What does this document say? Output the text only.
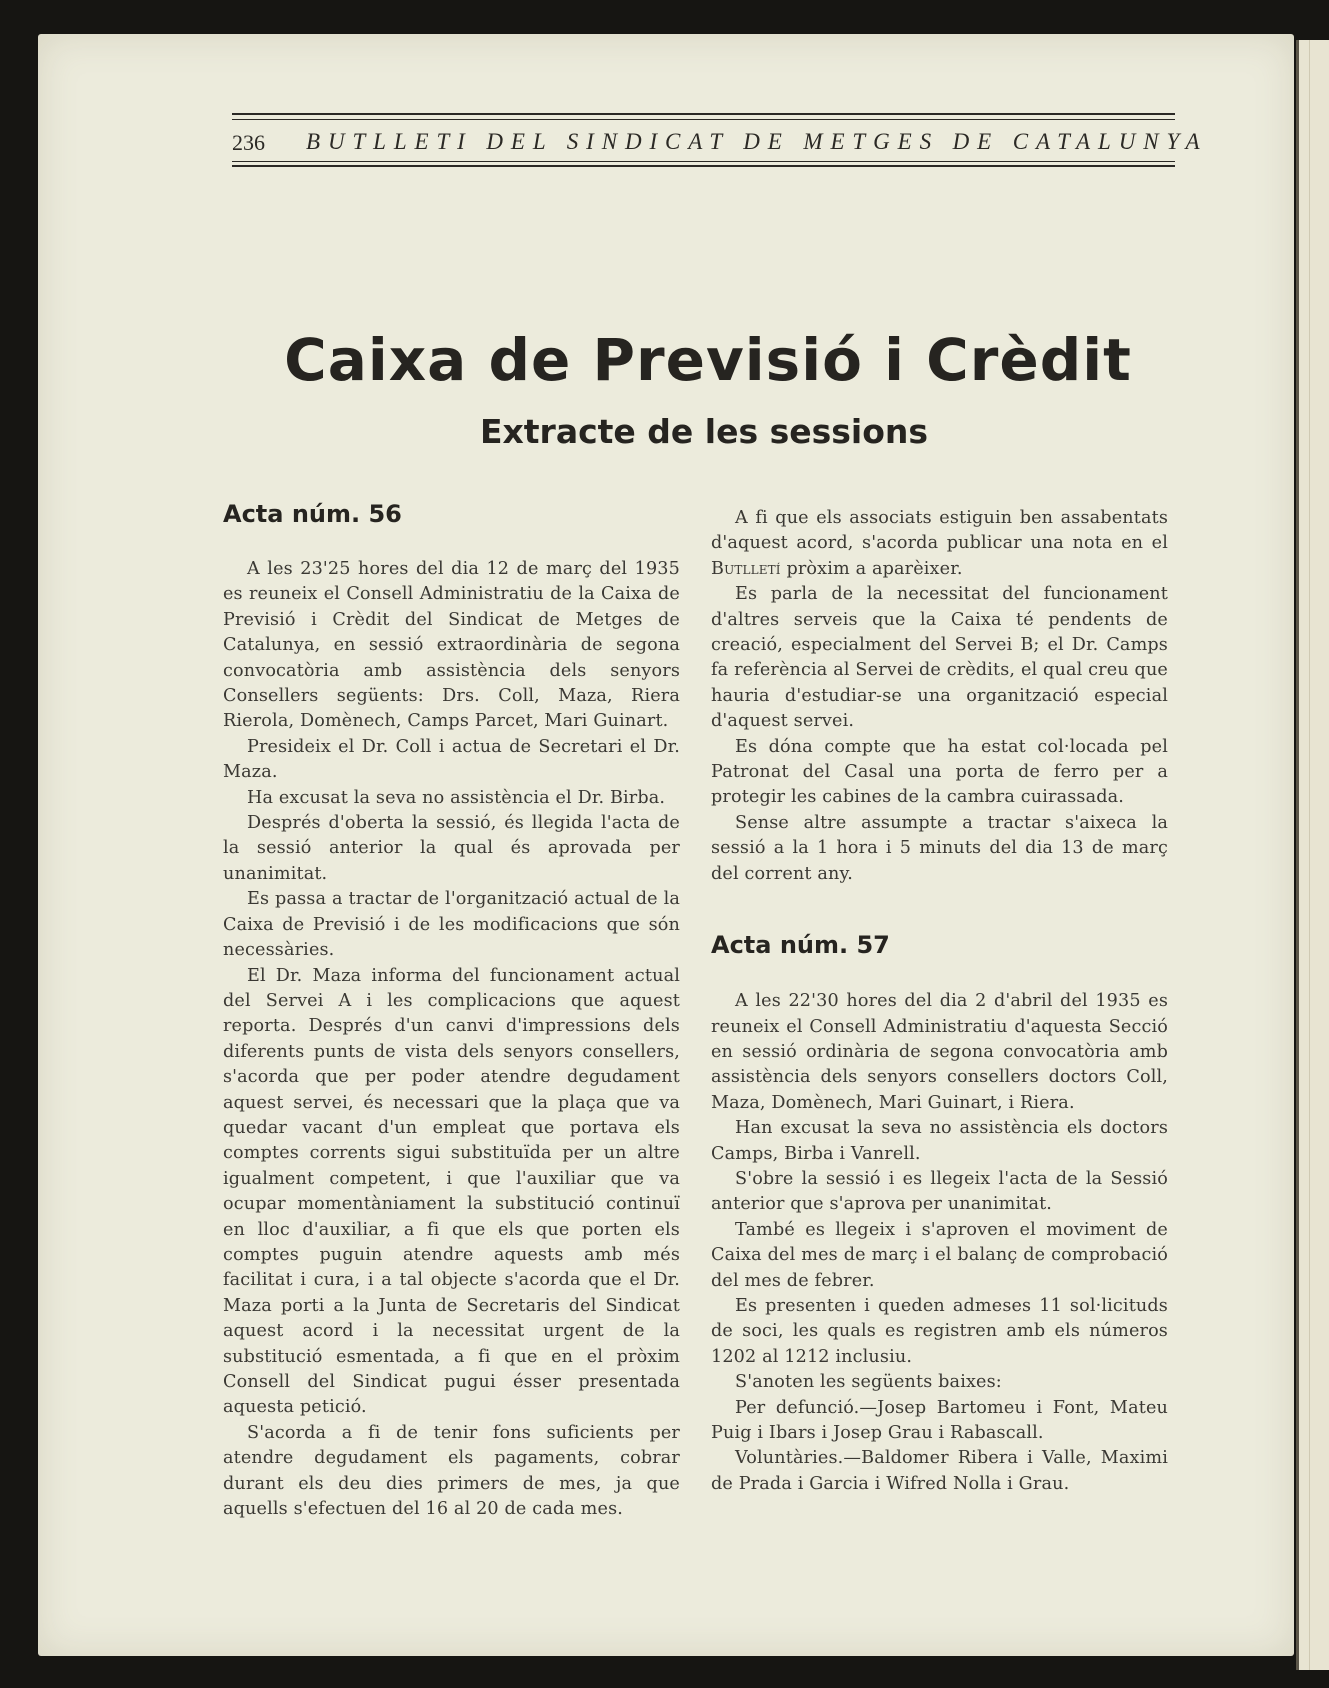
236 BUTLLETI DEL SINDICAT DE METGES DE CATALUNYA
Caixa de Previsió i Crèdit
Extracte de les sessions
Acta núm. 56

A les 23'25 hores del dia 12 de març del 1935 es reuneix el Consell Administratiu de la Caixa de Previsió i Crèdit del Sindicat de Metges de Catalunya, en sessió extraordinària de segona convocatòria amb assistència dels senyors Consellers següents: Drs. Coll, Maza, Riera Rierola, Domènech, Camps Parcet, Mari Guinart.

Presideix el Dr. Coll i actua de Secretari el Dr. Maza.

Ha excusat la seva no assistència el Dr. Birba.

Després d'oberta la sessió, és llegida l'acta de la sessió anterior la qual és aprovada per unanimitat.

Es passa a tractar de l'organització actual de la Caixa de Previsió i de les modificacions que són necessàries.

El Dr. Maza informa del funcionament actual del Servei A i les complicacions que aquest reporta. Després d'un canvi d'impressions dels diferents punts de vista dels senyors consellers, s'acorda que per poder atendre degudament aquest servei, és necessari que la plaça que va quedar vacant d'un empleat que portava els comptes corrents sigui substituïda per un altre igualment competent, i que l'auxiliar que va ocupar momentàniament la substitució continuï en lloc d'auxiliar, a fi que els que porten els comptes puguin atendre aquests amb més facilitat i cura, i a tal objecte s'acorda que el Dr. Maza porti a la Junta de Secretaris del Sindicat aquest acord i la necessitat urgent de la substitució esmentada, a fi que en el pròxim Consell del Sindicat pugui ésser presentada aquesta petició.

S'acorda a fi de tenir fons suficients per atendre degudament els pagaments, cobrar durant els deu dies primers de mes, ja que aquells s'efectuen del 16 al 20 de cada mes.

A fi que els associats estiguin ben assabentats d'aquest acord, s'acorda publicar una nota en el Butlletí pròxim a aparèixer.

Es parla de la necessitat del funcionament d'altres serveis que la Caixa té pendents de creació, especialment del Servei B; el Dr. Camps fa referència al Servei de crèdits, el qual creu que hauria d'estudiar-se una organització especial d'aquest servei.

Es dóna compte que ha estat col·locada pel Patronat del Casal una porta de ferro per a protegir les cabines de la cambra cuirassada.

Sense altre assumpte a tractar s'aixeca la sessió a la 1 hora i 5 minuts del dia 13 de març del corrent any.

Acta núm. 57

A les 22'30 hores del dia 2 d'abril del 1935 es reuneix el Consell Administratiu d'aquesta Secció en sessió ordinària de segona convocatòria amb assistència dels senyors consellers doctors Coll, Maza, Domènech, Mari Guinart, i Riera.

Han excusat la seva no assistència els doctors Camps, Birba i Vanrell.

S'obre la sessió i es llegeix l'acta de la Sessió anterior que s'aprova per unanimitat.

També es llegeix i s'aproven el moviment de Caixa del mes de març i el balanç de comprobació del mes de febrer.

Es presenten i queden admeses 11 sol·licituds de soci, les quals es registren amb els números 1202 al 1212 inclusiu.

S'anoten les següents baixes:

Per defunció.—Josep Bartomeu i Font, Mateu Puig i Ibars i Josep Grau i Rabascall.

Voluntàries.—Baldomer Ribera i Valle, Maximi de Prada i Garcia i Wifred Nolla i Grau.
